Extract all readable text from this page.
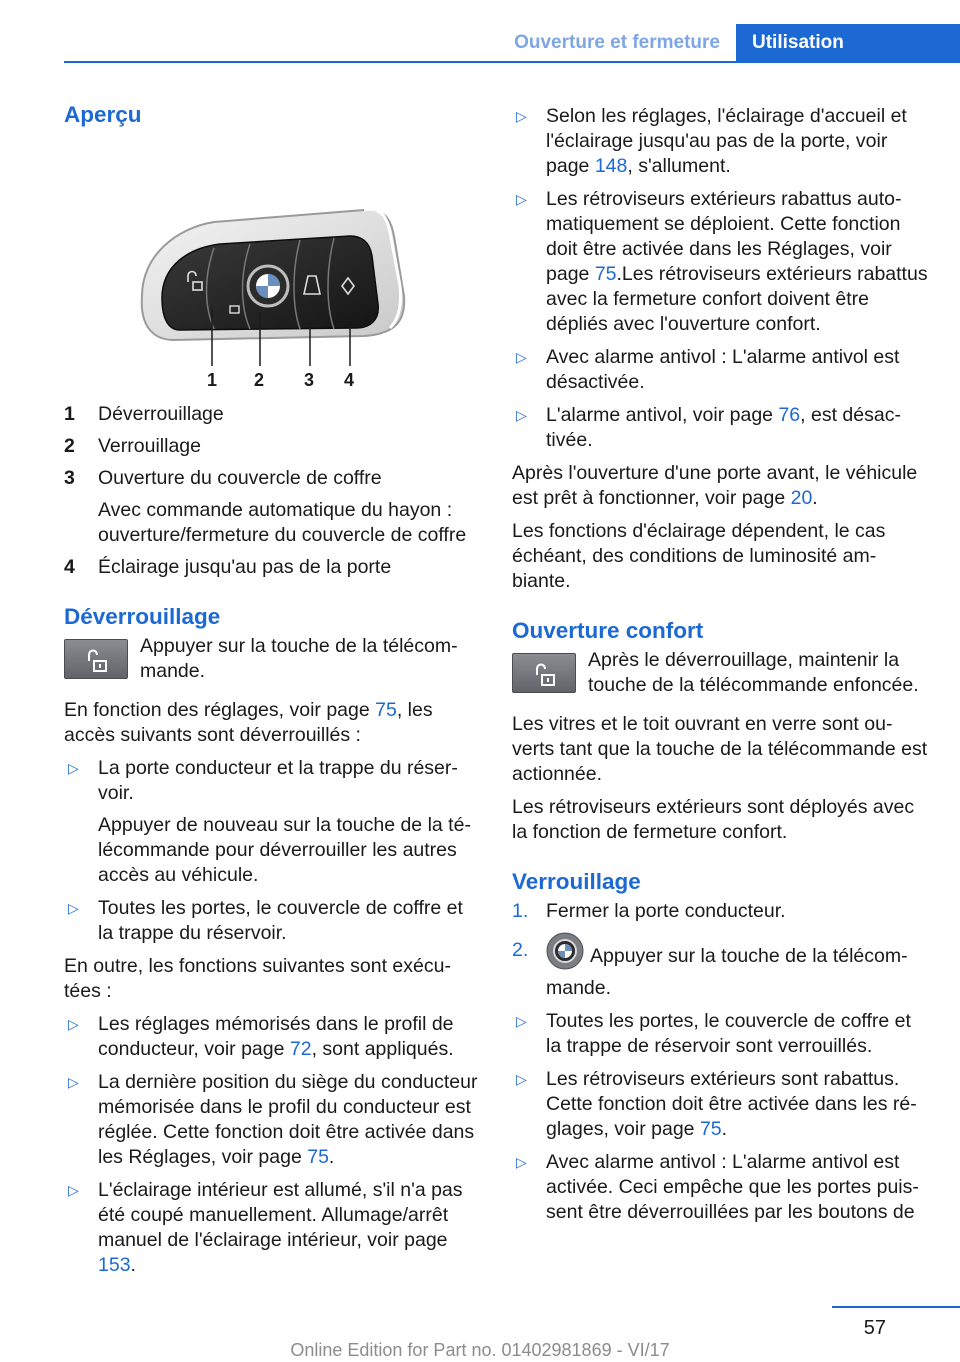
Ouverture et fermeture	Utilisation
Aperçu
1 2 3 4
1	Déverrouillage

2	Verrouillage

3	Ouverture du couvercle de coffre

Avec commande automatique du hayon : ouverture/fermeture du couvercle de coffre

4	Éclairage jusqu'au pas de la porte

Déverrouillage

Appuyer sur la touche de la télécommande.

En fonction des réglages, voir page 75, les accès suivants sont déverrouillés :

▷ La porte conducteur et la trappe du réservoir.

Appuyer de nouveau sur la touche de la télécommande pour déverrouiller les autres accès au véhicule.

▷ Toutes les portes, le couvercle de coffre et la trappe du réservoir.

En outre, les fonctions suivantes sont exécutées :

▷ Les réglages mémorisés dans le profil de conducteur, voir page 72, sont appliqués.

▷ La dernière position du siège du conducteur mémorisée dans le profil du conducteur est réglée. Cette fonction doit être activée dans les Réglages, voir page 75.

▷ L'éclairage intérieur est allumé, s'il n'a pas été coupé manuellement. Allumage/arrêt manuel de l'éclairage intérieur, voir page 153.

▷ Selon les réglages, l'éclairage d'accueil et l'éclairage jusqu'au pas de la porte, voir page 148, s'allument.

▷ Les rétroviseurs extérieurs rabattus automatiquement se déploient. Cette fonction doit être activée dans les Réglages, voir page 75.Les rétroviseurs extérieurs rabattus avec la fermeture confort doivent être dépliés avec l'ouverture confort.

▷ Avec alarme antivol : L'alarme antivol est désactivée.

▷ L'alarme antivol, voir page 76, est désactivée.

Après l'ouverture d'une porte avant, le véhicule est prêt à fonctionner, voir page 20.

Les fonctions d'éclairage dépendent, le cas échéant, des conditions de luminosité ambiante.

Ouverture confort

Après le déverrouillage, maintenir la touche de la télécommande enfoncée.

Les vitres et le toit ouvrant en verre sont ouverts tant que la touche de la télécommande est actionnée.

Les rétroviseurs extérieurs sont déployés avec la fonction de fermeture confort.

Verrouillage
1. Fermer la porte conducteur.

2.	Appuyer sur la touche de la télécommande.

▷ Toutes les portes, le couvercle de coffre et la trappe de réservoir sont verrouillés.

▷ Les rétroviseurs extérieurs sont rabattus. Cette fonction doit être activée dans les réglages, voir page 75.

▷ Avec alarme antivol : L'alarme antivol est activée. Ceci empêche que les portes puissent être déverrouillées par les boutons de

57
Online Edition for Part no. 01402981869 - VI/17
